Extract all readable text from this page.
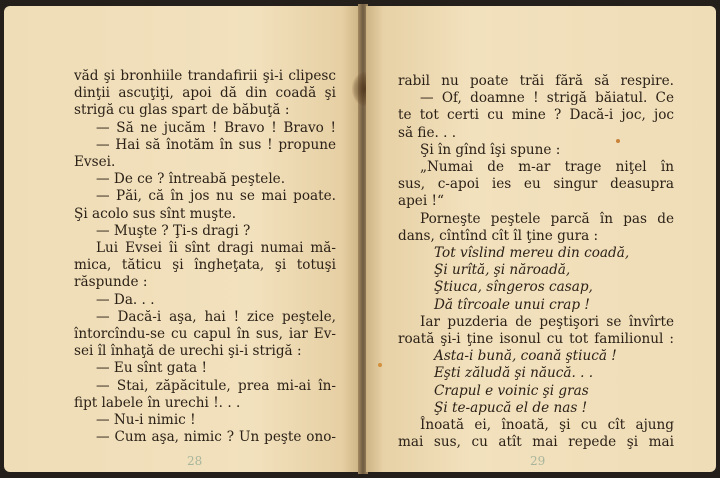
văd şi bronhiile trandafirii şi-i clipesc
dinţii ascuţiţi, apoi dă din coadă şi
strigă cu glas spart de băbuţă :
— Să ne jucăm ! Bravo ! Bravo !
— Hai să înotăm în sus ! propune
Evsei.
— De ce ? întreabă peştele.
— Păi, că în jos nu se mai poate.
Şi acolo sus sînt muşte.
— Muşte ? Ţi-s dragi ?
Lui Evsei îi sînt dragi numai mă-
mica, tăticu şi îngheţata, şi totuşi
răspunde :
— Da. . .
— Dacă-i aşa, hai ! zice peştele,
întorcîndu-se cu capul în sus, iar Ev-
sei îl înhaţă de urechi şi-i strigă :
— Eu sînt gata !
— Stai, zăpăcitule, prea mi-ai în-
fipt labele în urechi !. . .
— Nu-i nimic !
— Cum aşa, nimic ? Un peşte ono-
28
rabil nu poate trăi fără să respire.
— Of, doamne ! strigă băiatul. Ce
te tot certi cu mine ? Dacă-i joc, joc
să fie. . .
Şi în gînd îşi spune :
„Numai de m-ar trage niţel în
sus, c-apoi ies eu singur deasupra
apei !“
Porneşte peştele parcă în pas de
dans, cîntînd cît îl ţine gura :
Tot vîslind mereu din coadă,
Şi urîtă, şi năroadă,
Ştiuca, sîngeros casap,
Dă tîrcoale unui crap !
Iar puzderia de peştişori se învîrte
roată şi-i ţine isonul cu tot familionul :
Asta-i bună, coană ştiucă !
Eşti zăludă şi năucă. . .
Crapul e voinic şi gras
Şi te-apucă el de nas !
Înoată ei, înoată, şi cu cît ajung
mai sus, cu atît mai repede şi mai
29
